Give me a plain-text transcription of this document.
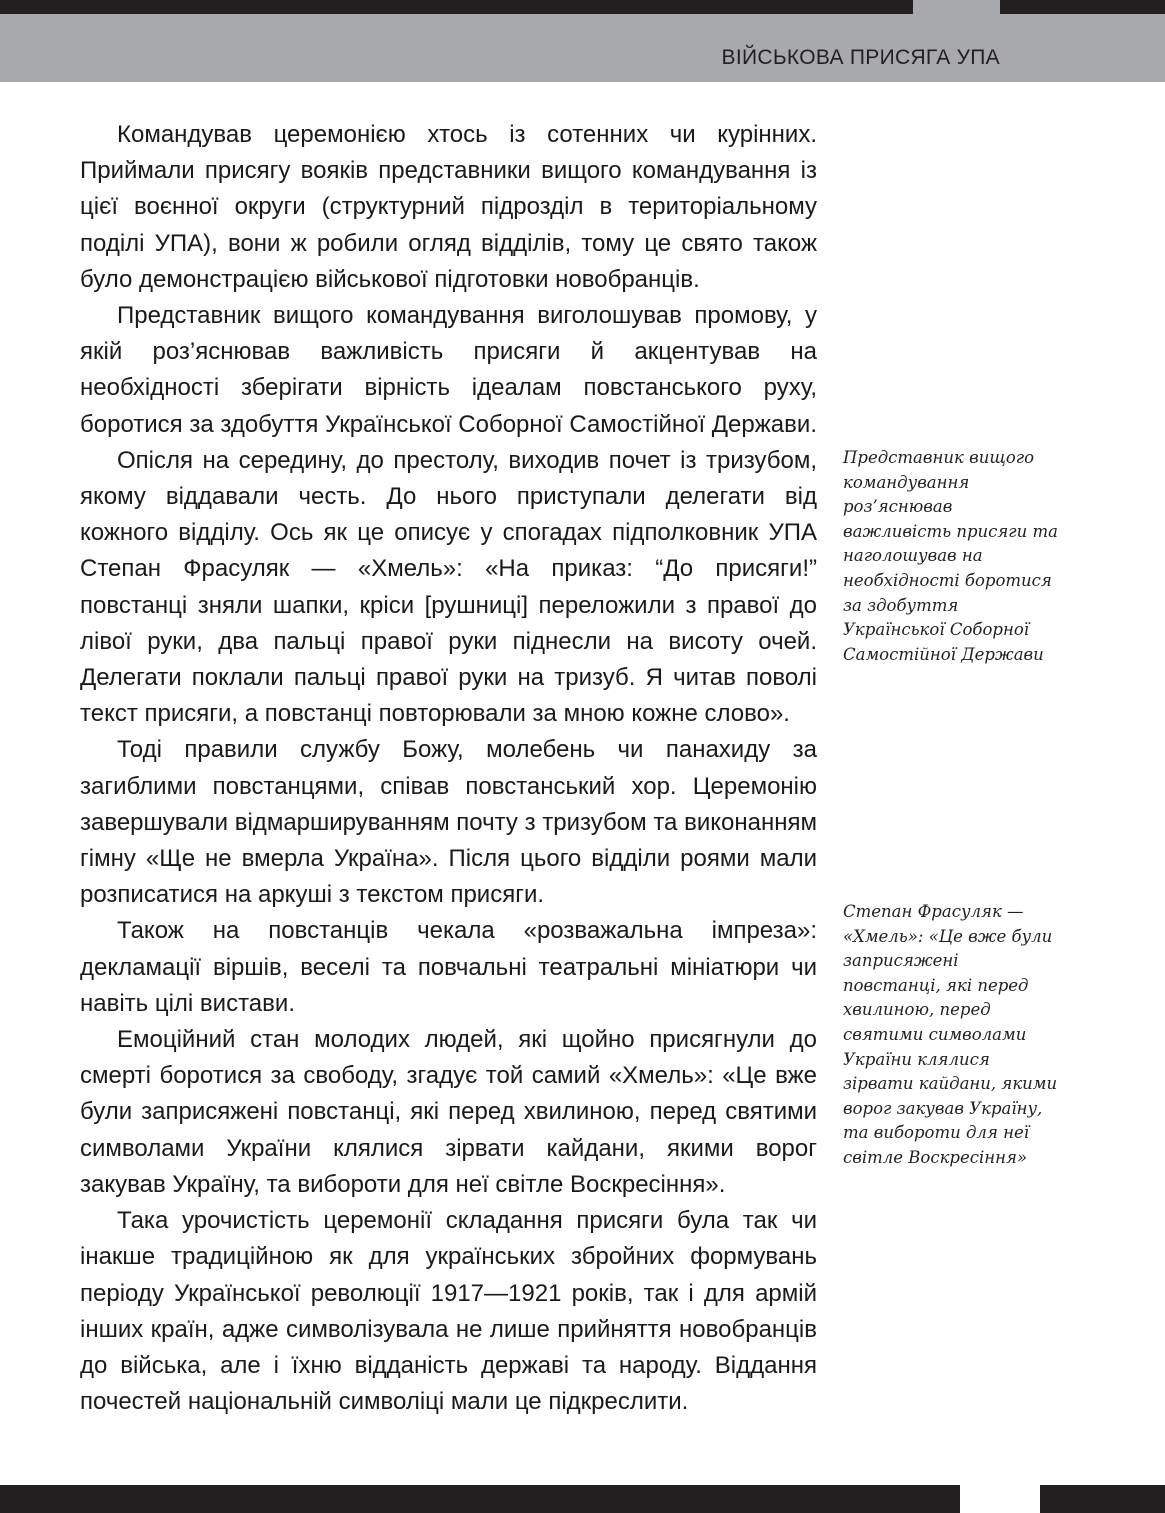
ВІЙСЬКОВА ПРИСЯГА УПА

Командував церемонією хтось із сотенних чи курінних. Приймали присягу вояків представники вищого командування із цієї воєнної округи (структурний підрозділ в територіальному поділі УПА), вони ж робили огляд відділів, тому це свято також було демонстрацією військової підготовки новобранців.

Представник вищого командування виголошував промову, у якій роз’яснював важливість присяги й акцентував на необхідності зберігати вірність ідеалам повстанського руху, боротися за здобуття Української Соборної Самостійної Держави.

Опісля на середину, до престолу, виходив почет із тризубом, якому віддавали честь. До нього приступали делегати від кожного відділу. Ось як це описує у спогадах підполковник УПА Степан Фрасуляк — «Хмель»: «На приказ: “До присяги!” повстанці зняли шапки, кріси [рушниці] переложили з правої до лівої руки, два пальці правої руки піднесли на висоту очей. Делегати поклали пальці правої руки на тризуб. Я читав поволі текст присяги, а повстанці повторювали за мною кожне слово».

Тоді правили службу Божу, молебень чи панахиду за загиблими повстанцями, співав повстанський хор. Церемонію завершували відмаршируванням почту з тризубом та виконанням гімну «Ще не вмерла Україна». Після цього відділи роями мали розписатися на аркуші з текстом присяги.

Також на повстанців чекала «розважальна імпреза»: декламації віршів, веселі та повчальні театральні мініатюри чи навіть цілі вистави.

Емоційний стан молодих людей, які щойно присягнули до смерті боротися за свободу, згадує той самий «Хмель»: «Це вже були заприсяжені повстанці, які перед хвилиною, перед святими символами України клялися зірвати кайдани, якими ворог закував Україну, та вибороти для неї світле Воскресіння».

Така урочистість церемонії складання присяги була так чи інакше традиційною як для українських збройних формувань періоду Української революції 1917—1921 років, так і для армій інших країн, адже символізувала не лише прийняття новобранців до війська, але і їхню відданість державі та народу. Віддання почестей національній символіці мали це підкреслити.

Представник вищого командування роз’яснював важливість присяги та наголошував на необхідності боротися за здобуття Української Соборної Самостійної Держави
Степан Фрасуляк — «Хмель»: «Це вже були заприсяжені повстанці, які перед хвилиною, перед святими символами України клялися зірвати кайдани, якими ворог закував Україну, та вибороти для неї світле Воскресіння»
